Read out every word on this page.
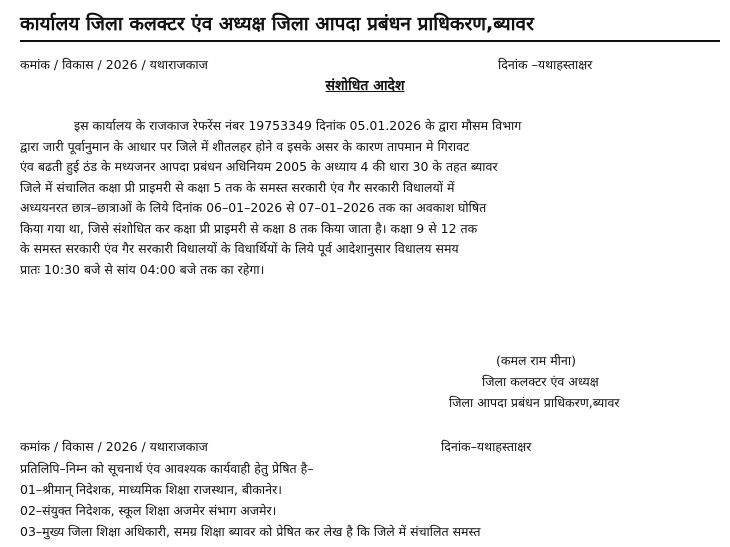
कार्यालय जिला कलक्टर एंव अध्यक्ष जिला आपदा प्रबंधन प्राधिकरण,ब्यावर
कमांक / विकास / 2026 / यथाराजकाज	दिनांक –यथाहस्ताक्षर
संशोधित आदेश
इस कार्यालय के राजकाज रेफरेंस नंबर 19753349 दिनांक 05.01.2026 के द्वारा मौसम विभाग
द्वारा जारी पूर्वानुमान के आधार पर जिले में शीतलहर होने व इसके असर के कारण तापमान मे गिरावट
एंव बढती हुई ठंड के मध्यजनर आपदा प्रबंधन अधिनियम 2005 के अध्याय 4 की धारा 30 के तहत ब्यावर
जिले में संचालित कक्षा प्री प्राइमरी से कक्षा 5 तक के समस्त सरकारी एंव गैर सरकारी विधालयों में
अध्ययनरत छात्र–छात्राओं के लिये दिनांक 06–01–2026 से 07–01–2026 तक का अवकाश घोषित
किया गया था, जिसे संशोधित कर कक्षा प्री प्राइमरी से कक्षा 8 तक किया जाता है। कक्षा 9 से 12 तक
के समस्त सरकारी एंव गैर सरकारी विधालयों के विधार्थियों के लिये पूर्व आदेशानुसार विधालय समय
प्रातः 10:30 बजे से सांय 04:00 बजे तक का रहेगा।
(कमल राम मीना)
जिला कलक्टर एंव अध्यक्ष
जिला आपदा प्रबंधन प्राधिकरण,ब्यावर
कमांक / विकास / 2026 / यथाराजकाज	दिनांक–यथाहस्ताक्षर
प्रतिलिपि–निम्न को सूचनार्थ एंव आवश्यक कार्यवाही हेतु प्रेषित है–
01–श्रीमान् निदेशक, माध्यमिक शिक्षा राजस्थान, बीकानेर।
02–संयुक्त निदेशक, स्कूल शिक्षा अजमेर संभाग अजमेर।
03–मुख्य जिला शिक्षा अधिकारी, समग्र शिक्षा ब्यावर को प्रेषित कर लेख है कि जिले में संचालित समस्त
